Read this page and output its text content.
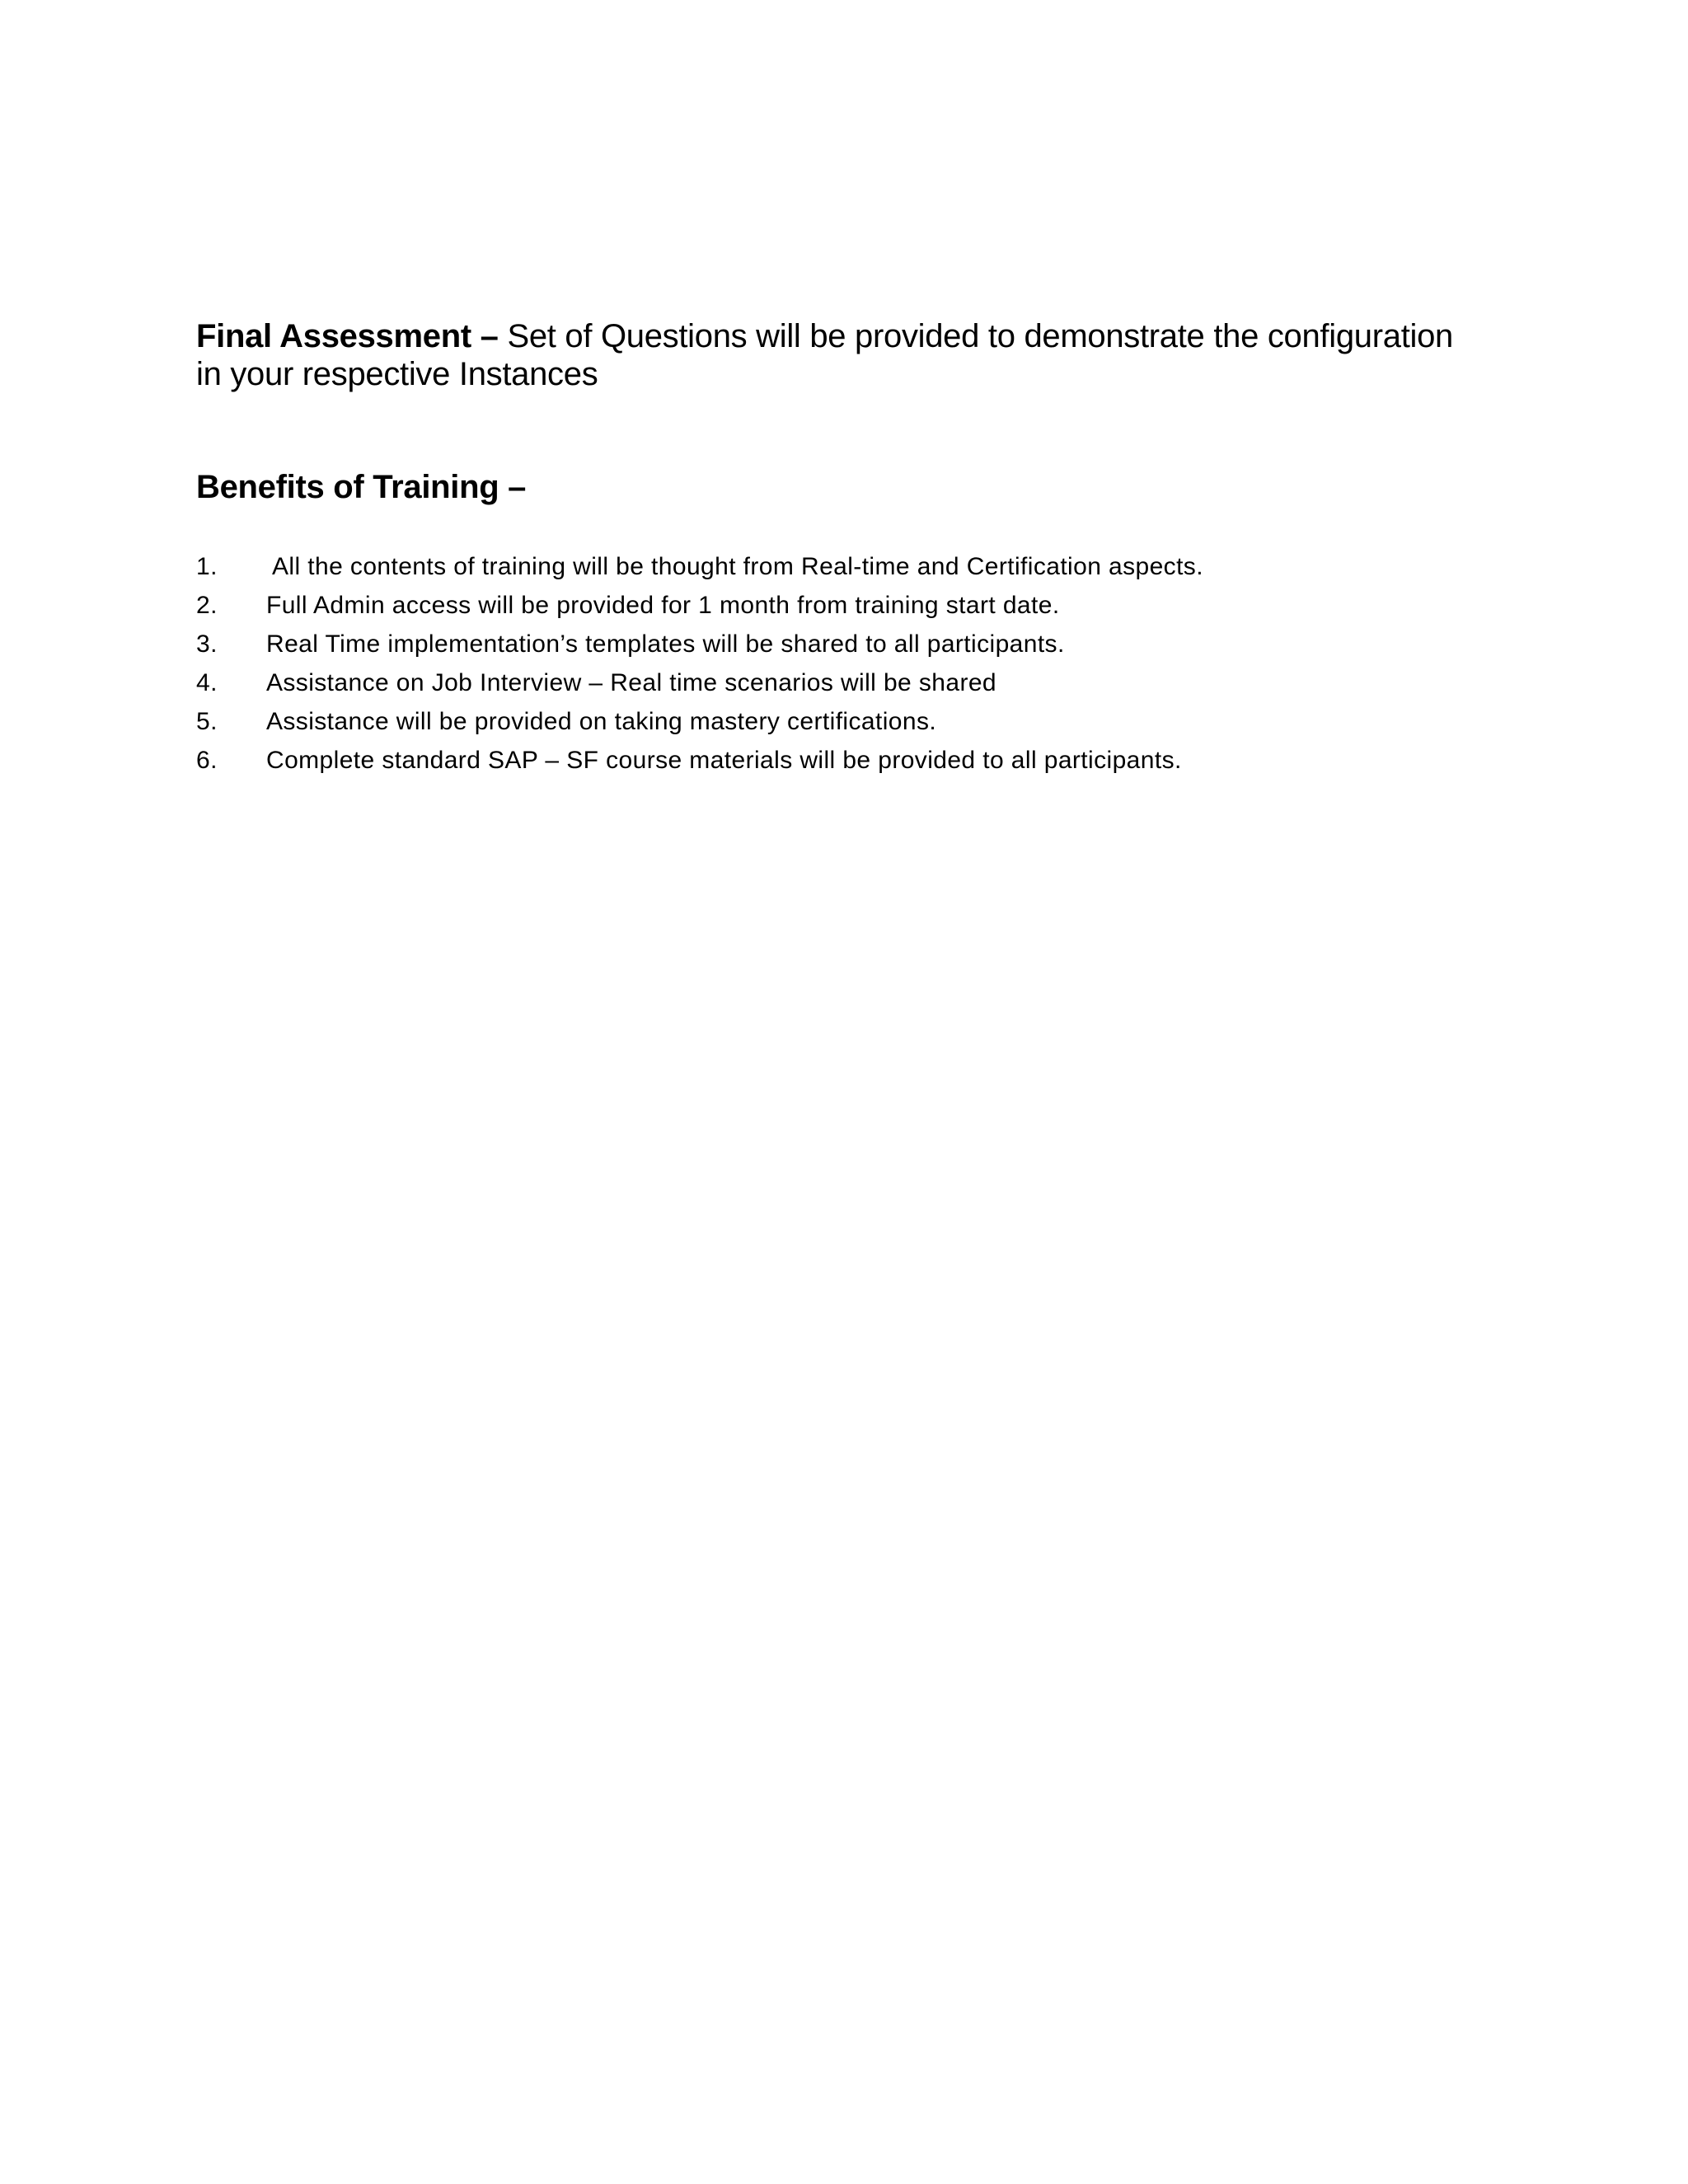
Final Assessment – Set of Questions will be provided to demonstrate the configuration in your respective Instances

Benefits of Training –
1.	All the contents of training will be thought from Real-time and Certification aspects.
2.	Full Admin access will be provided for 1 month from training start date.
3.	Real Time implementation’s templates will be shared to all participants.
4.	Assistance on Job Interview – Real time scenarios will be shared
5.	Assistance will be provided on taking mastery certifications.
6.	Complete standard SAP – SF course materials will be provided to all participants.
